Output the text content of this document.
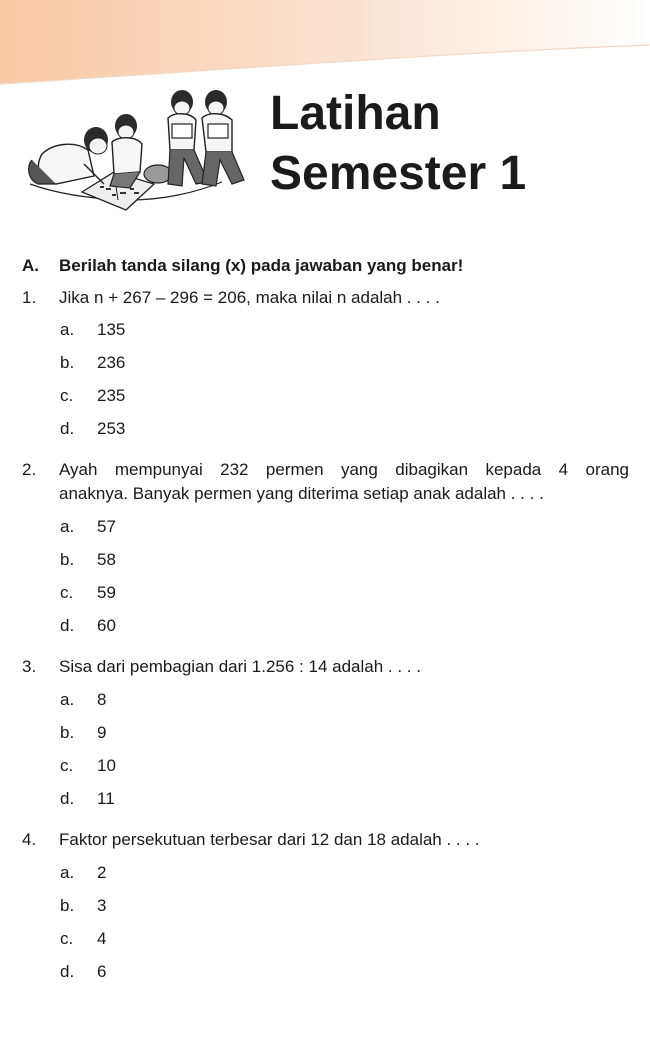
Latihan
Semester 1
A. Berilah tanda silang (x) pada jawaban yang benar!
1.	Jika n + 267 – 296 = 206, maka nilai n adalah . . . .
a. 135
b. 236
c. 235
d. 253
2.	Ayah mempunyai 232 permen yang dibagikan kepada 4 orang
anaknya. Banyak permen yang diterima setiap anak adalah . . . .
a. 57
b. 58
c. 59
d. 60
3.	Sisa dari pembagian dari 1.256 : 14 adalah . . . .
a. 8
b. 9
c. 10
d. 11
4.	Faktor persekutuan terbesar dari 12 dan 18 adalah . . . .
a. 2
b. 3
c. 4
d. 6
